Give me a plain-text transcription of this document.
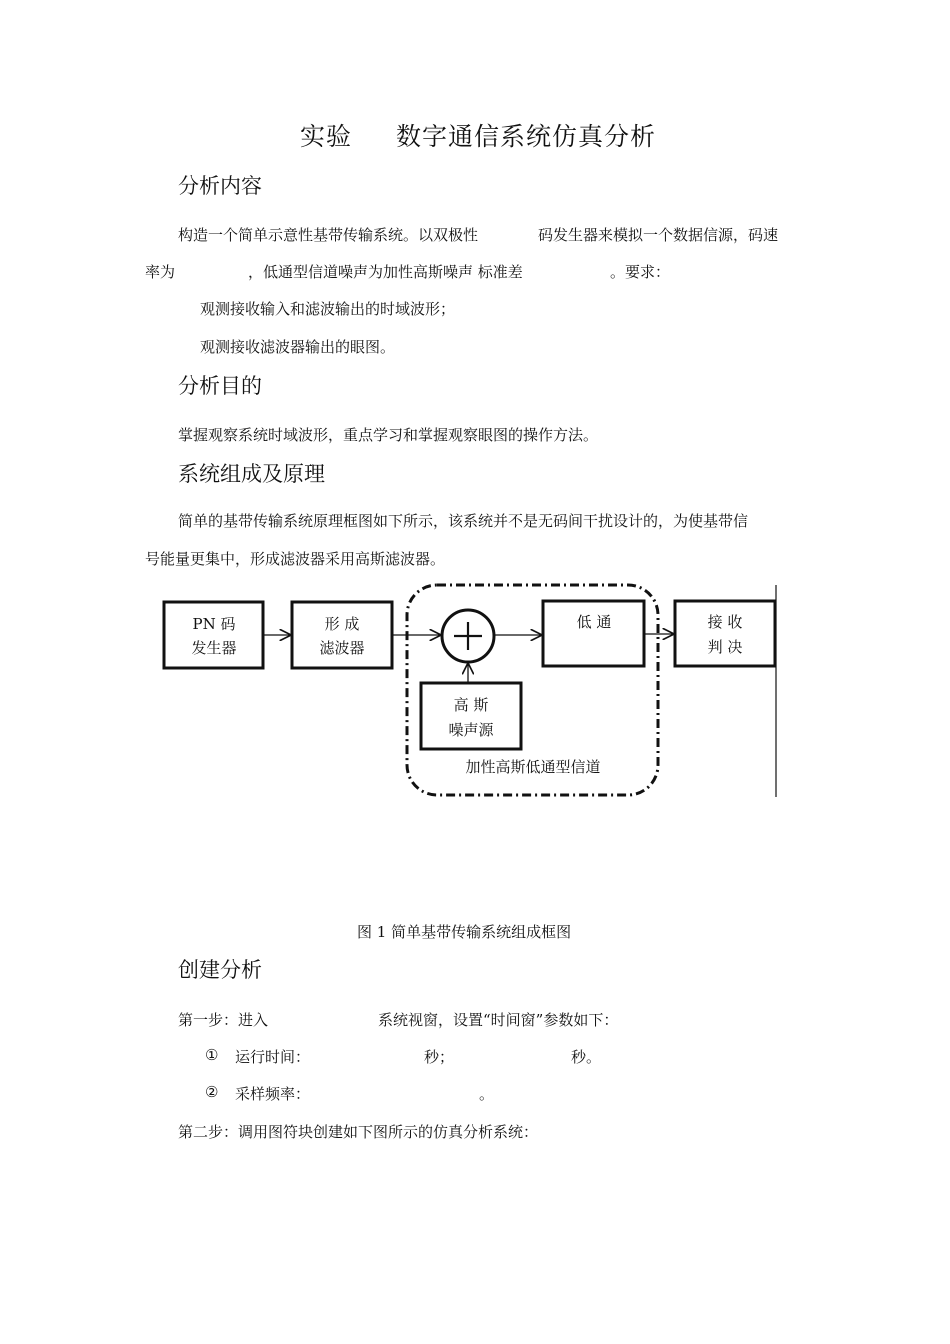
实验 数字通信系统仿真分析
分析内容
构造一个简单示意性基带传输系统。以双极性	码发生器来模拟一个数据信源，码速
率为	，低通型信道噪声为加性高斯噪声 标准差	。要求：
观测接收输入和滤波输出的时域波形；
观测接收滤波器输出的眼图。
分析目的
掌握观察系统时域波形，重点学习和掌握观察眼图的操作方法。
系统组成及原理
简单的基带传输系统原理框图如下所示，该系统并不是无码间干扰设计的，为使基带信
号能量更集中，形成滤波器采用高斯滤波器。
PN 码
发生器
形 成
滤波器
低 通	接 收
判 决
高 斯
噪声源
加性高斯低通型信道
图 1 简单基带传输系统组成框图
创建分析
第一步：进入	系统视窗，设置“时间窗”参数如下：
① 运行时间：	秒；	秒。
② 采样频率：	。
第二步：调用图符块创建如下图所示的仿真分析系统：
